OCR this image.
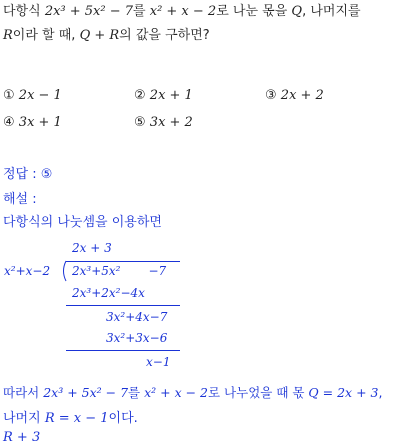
다항식 2x³ + 5x² − 7를 x² + x − 2로 나눈 몫을 Q, 나머지를
R이라 할 때, Q + R의 값을 구하면?
① 2x − 1	② 2x + 1	③ 2x + 2
④ 3x + 1	⑤ 3x + 2
정답 : ⑤
해설 :
다항식의 나눗셈을 이용하면
2x + 3
x²+x−2 2x³+5x² −7
2x³+2x²−4x
3x²+4x−7
3x²+3x−6
x−1
따라서 2x³ + 5x² − 7를 x² + x − 2로 나누었을 때 몫 Q = 2x + 3,
나머지 R = x − 1이다.
R + 3
